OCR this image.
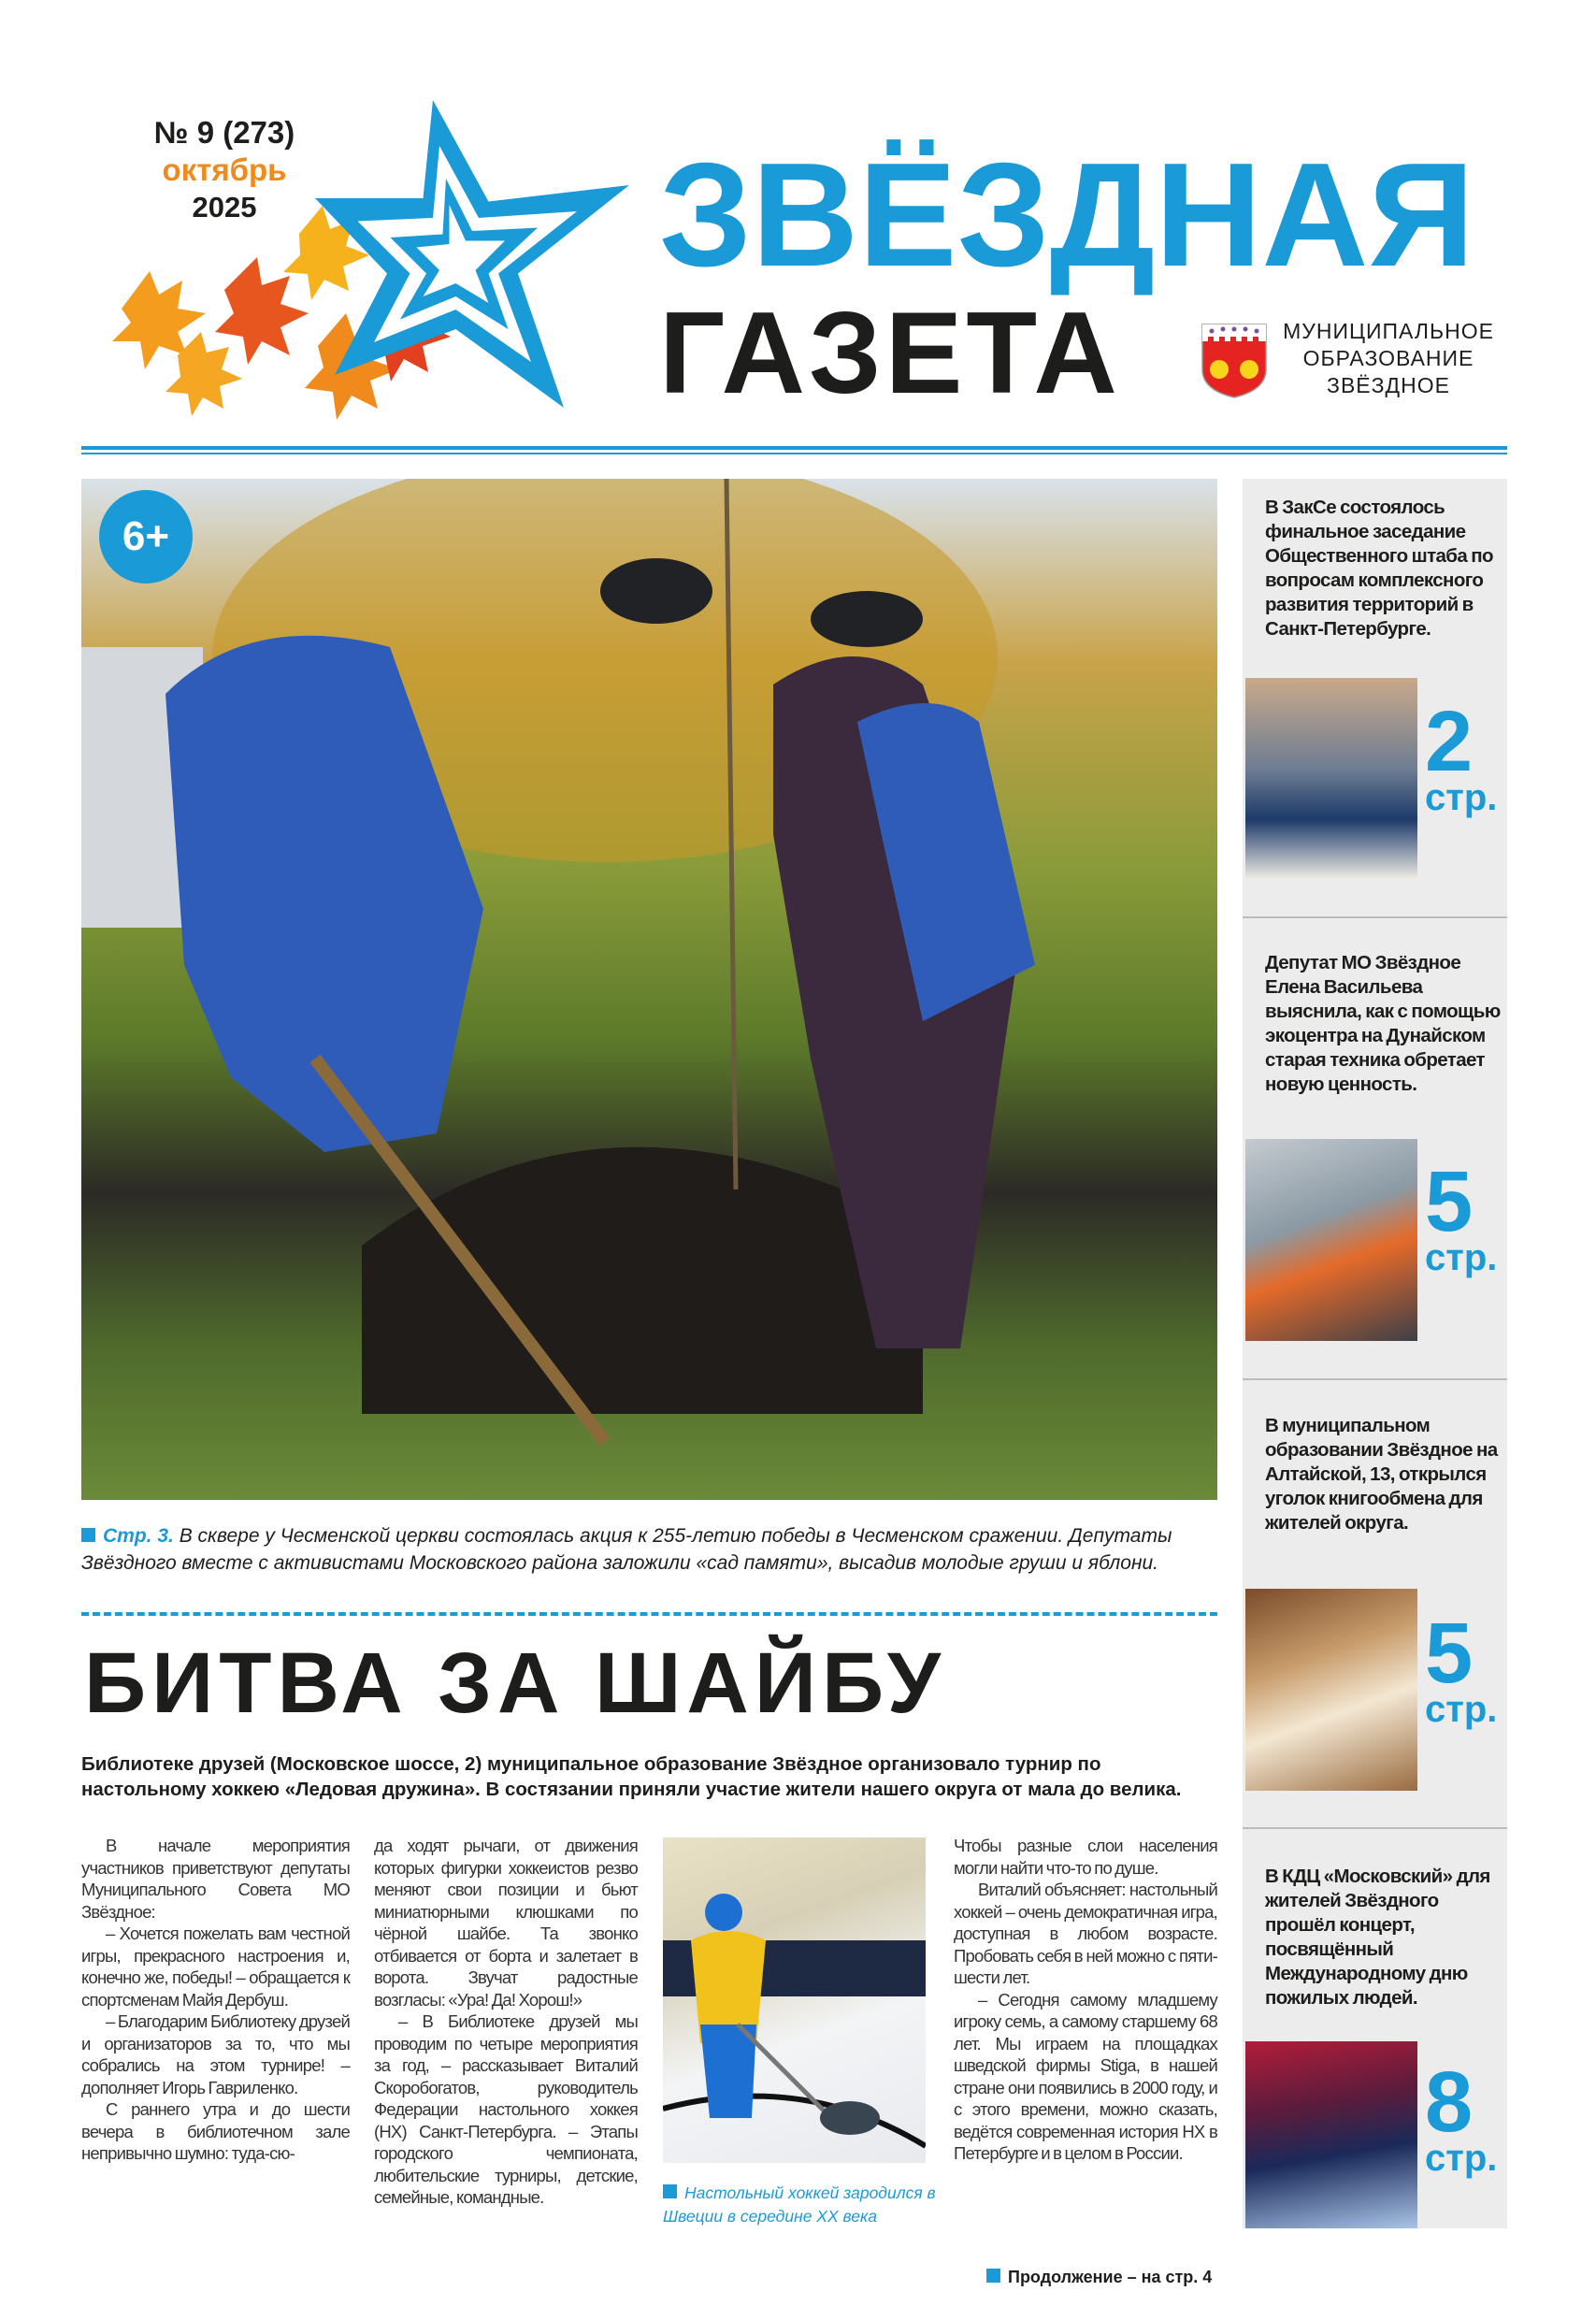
№ 9 (273)
октябрь
2025	ЗВЁЗДНАЯ
ГАЗЕТА	МУНИЦИПАЛЬНОЕ
ОБРАЗОВАНИЕ
ЗВЁЗДНОЕ
6+
Стр. 3. В сквере у Чесменской церкви состоялась акция к 255-летию победы в Чесменском сражении. Депутаты Звёздного вместе с активистами Московского района заложили «сад памяти», высадив молодые груши и яблони.
БИТВА ЗА ШАЙБУ
Библиотеке друзей (Московское шоссе, 2) муниципальное образование Звёздное организовало турнир по настольному хоккею «Ледовая дружина». В состязании приняли участие жители нашего округа от мала до велика.

В начале мероприятия участников приветствуют депутаты Муниципального Совета МО Звёздное:

– Хочется пожелать вам честной игры, прекрасного настроения и, конечно же, победы! – обращается к спортсменам Майя Дербуш.

– Благодарим Библиотеку друзей и организаторов за то, что мы собрались на этом турнире! – дополняет Игорь Гавриленко.

С раннего утра и до шести вечера в библиотечном зале непривычно шумно: туда-сю-

да ходят рычаги, от движения которых фигурки хоккеистов резво меняют свои позиции и бьют миниатюрными клюшками по чёрной шайбе. Та звонко отбивается от борта и залетает в ворота. Звучат радостные возгласы: «Ура! Да! Хорош!»

– В Библиотеке друзей мы проводим по четыре мероприятия за год, – рассказывает Виталий Скоробогатов, руководитель Федерации настольного хоккея (НХ) Санкт-Петербурга. – Этапы городского чемпионата, любительские турниры, детские, семейные, командные.	Настольный хоккей зародился в Швеции в середине XX века

Чтобы разные слои населения могли найти что-то по душе.

Виталий объясняет: настольный хоккей – очень демократичная игра, доступная в любом возрасте. Пробовать себя в ней можно с пяти-шести лет.

– Сегодня самому младшему игроку семь, а самому старшему 68 лет. Мы играем на площадках шведской фирмы Stiga, в нашей стране они появились в 2000 году, и с этого времени, можно сказать, ведётся современная история НХ в Петербурге и в целом в России.

Продолжение – на стр. 4
В ЗакСе состоялось финальное заседание Общественного штаба по вопросам комплексного развития территорий в Санкт-Петербурге.
2
стр.
Депутат МО Звёздное Елена Васильева выяснила, как с помощью экоцентра на Дунайском старая техника обретает новую ценность.
5
стр.
В муниципальном образовании Звёздное на Алтайской, 13, открылся уголок книгообмена для жителей округа.
5
стр.
В КДЦ «Московский» для жителей Звёздного прошёл концерт, посвящённый Международному дню пожилых людей.
8
стр.
